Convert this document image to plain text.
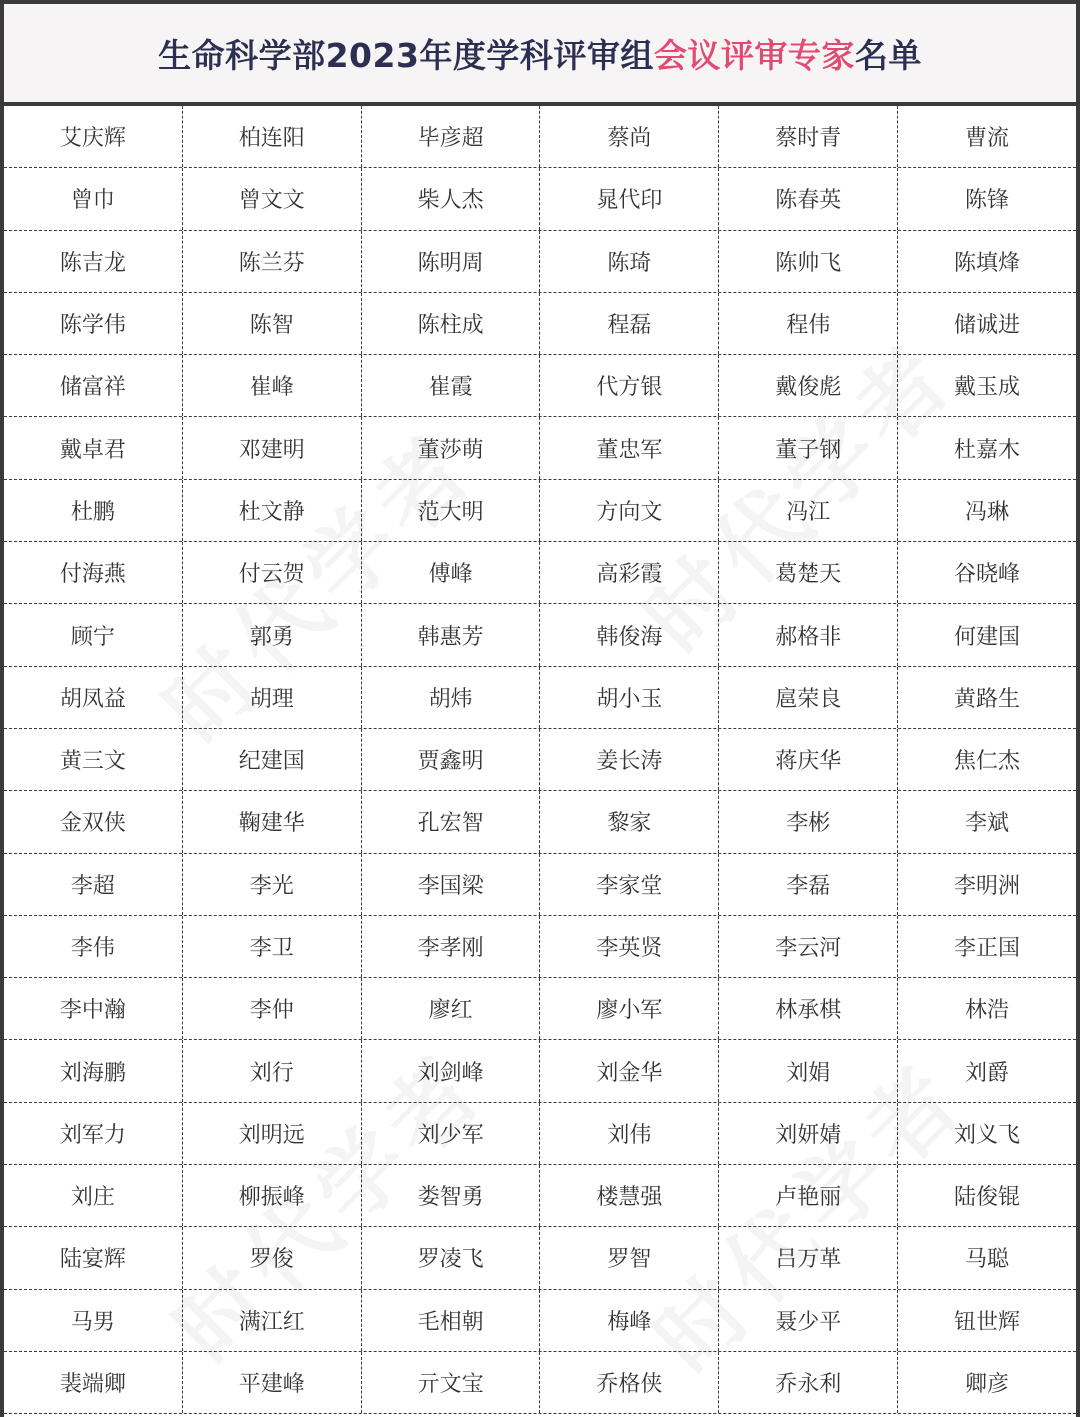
生命科学部2023年度学科评审组 会议评审专家 名单
艾庆辉	柏连阳	毕彦超	蔡尚	蔡时青	曹流
曾巾	曾文文	柴人杰	晁代印	陈春英	陈锋
陈吉龙	陈兰芬	陈明周	陈琦	陈帅飞	陈填烽
陈学伟	陈智	陈柱成	程磊	程伟	储诚进
储富祥	崔峰	崔霞	代方银	戴俊彪	戴玉成
戴卓君	邓建明	董莎萌	董忠军	董子钢	杜嘉木
杜鹏	杜文静	范大明	方向文	冯江	冯琳
付海燕	付云贺	傅峰	高彩霞	葛楚天	谷晓峰
顾宁	郭勇	韩惠芳	韩俊海	郝格非	何建国
胡凤益	胡理	胡炜	胡小玉	扈荣良	黄路生
黄三文	纪建国	贾鑫明	姜长涛	蒋庆华	焦仁杰
金双侠	鞠建华	孔宏智	黎家	李彬	李斌
李超	李光	李国梁	李家堂	李磊	李明洲
李伟	李卫	李孝刚	李英贤	李云河	李正国
李中瀚	李仲	廖红	廖小军	林承棋	林浩
刘海鹏	刘行	刘剑峰	刘金华	刘娟	刘爵
刘军力	刘明远	刘少军	刘伟	刘妍婧	刘义飞
刘庄	柳振峰	娄智勇	楼慧强	卢艳丽	陆俊锟
陆宴辉	罗俊	罗凌飞	罗智	吕万革	马聪
马男	满江红	毛相朝	梅峰	聂少平	钮世辉
裴端卿	平建峰	亓文宝	乔格侠	乔永利	卿彦
